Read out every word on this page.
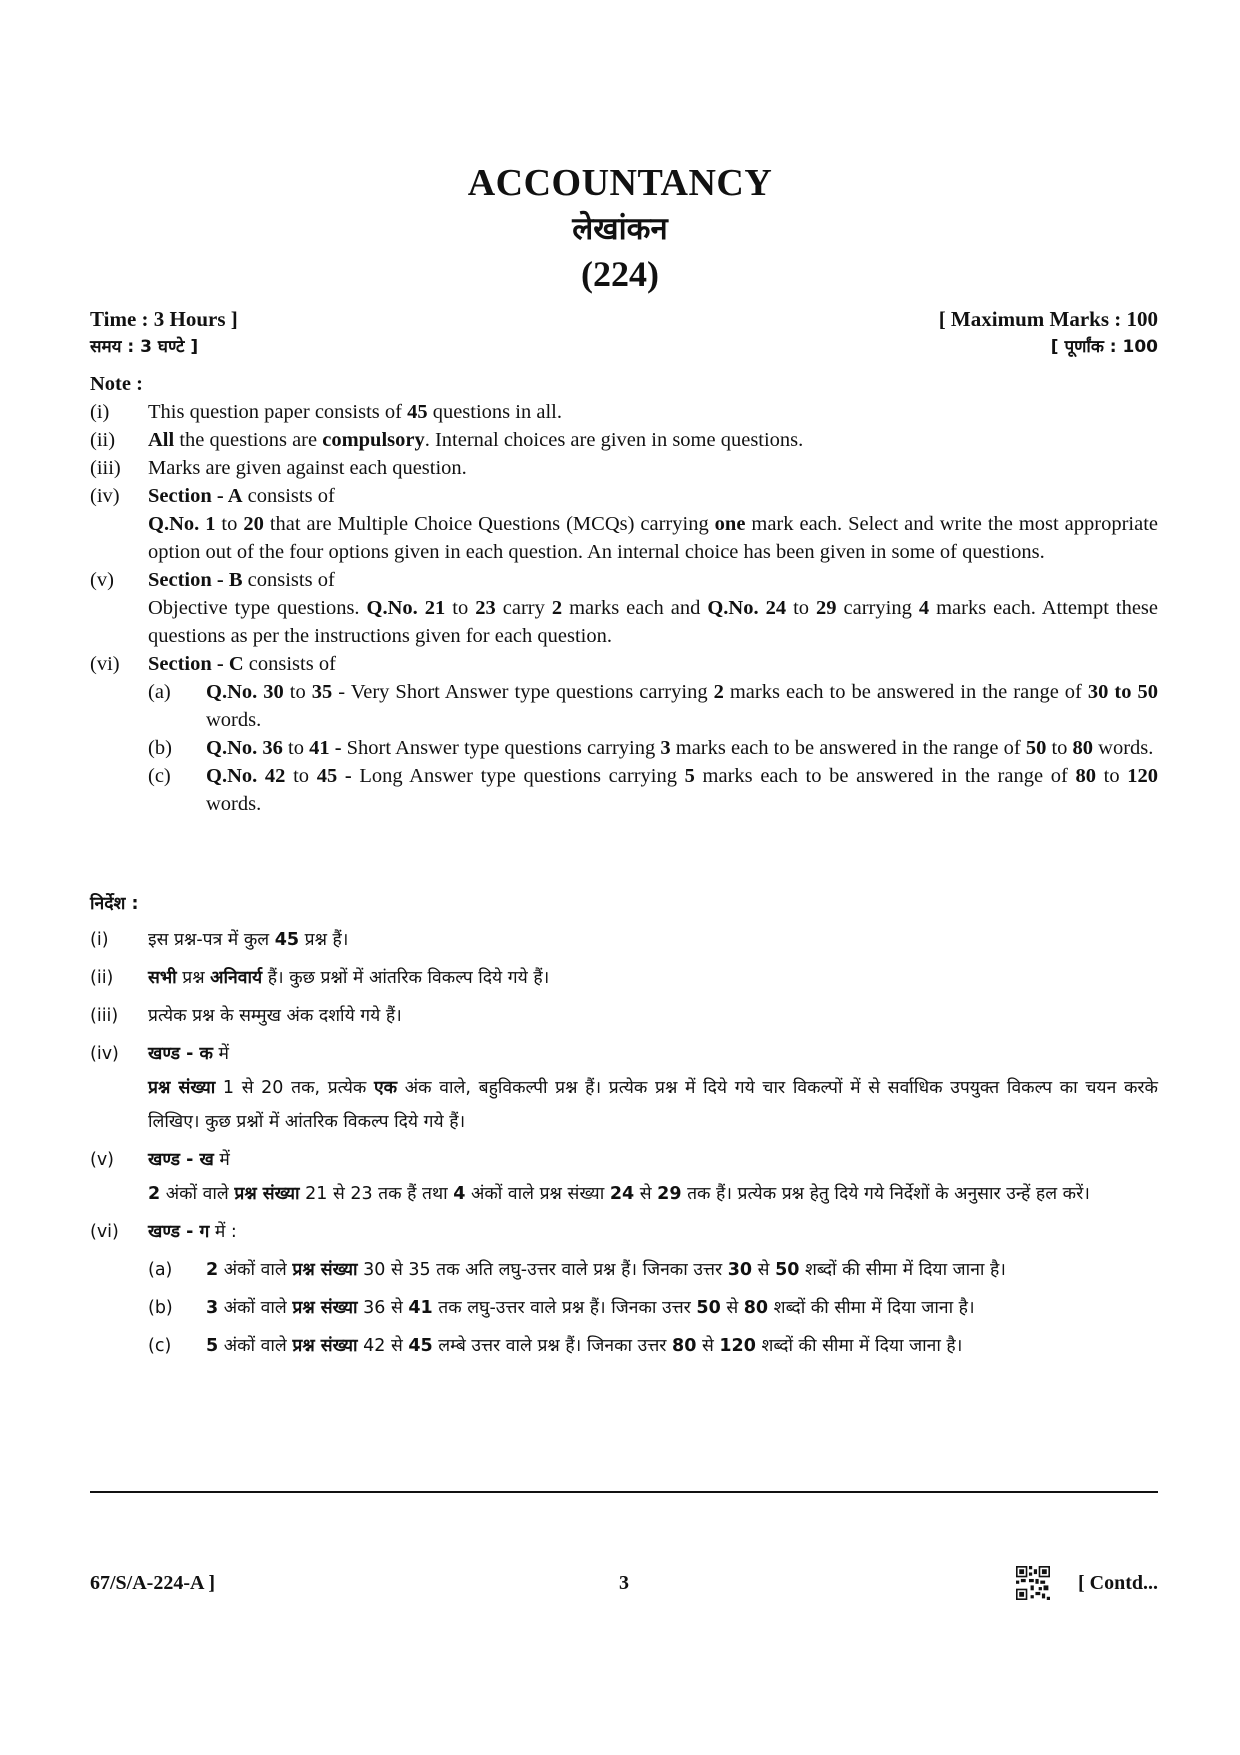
ACCOUNTANCY
लेखांकन
(224)
Time : 3 Hours ]	[ Maximum Marks : 100
समय : 3 घण्टे ]	[ पूर्णांक : 100
Note :
(i)	This question paper consists of 45 questions in all.
(ii)	All the questions are compulsory. Internal choices are given in some questions.
(iii)	Marks are given against each question.
(iv)	Section - A consists of
Q.No. 1 to 20 that are Multiple Choice Questions (MCQs) carrying one mark each. Select and write the most appropriate option out of the four options given in each question. An internal choice has been given in some of questions.
(v)	Section - B consists of
Objective type questions. Q.No. 21 to 23 carry 2 marks each and Q.No. 24 to 29 carrying 4 marks each. Attempt these questions as per the instructions given for each question.
(vi)	Section - C consists of
(a)	Q.No. 30 to 35 - Very Short Answer type questions carrying 2 marks each to be answered in the range of 30 to 50 words.
(b)	Q.No. 36 to 41 - Short Answer type questions carrying 3 marks each to be answered in the range of 50 to 80 words.
(c)	Q.No. 42 to 45 - Long Answer type questions carrying 5 marks each to be answered in the range of 80 to 120 words.
निर्देश :
(i)	इस प्रश्न-पत्र में कुल 45 प्रश्न हैं।
(ii)	सभी प्रश्न अनिवार्य हैं। कुछ प्रश्नों में आंतरिक विकल्प दिये गये हैं।
(iii)	प्रत्येक प्रश्न के सम्मुख अंक दर्शाये गये हैं।
(iv)	खण्ड - क में
प्रश्न संख्या 1 से 20 तक, प्रत्येक एक अंक वाले, बहुविकल्पी प्रश्न हैं। प्रत्येक प्रश्न में दिये गये चार विकल्पों में से सर्वाधिक उपयुक्त विकल्प का चयन करके लिखिए। कुछ प्रश्नों में आंतरिक विकल्प दिये गये हैं।
(v)	खण्ड - ख में
2 अंकों वाले प्रश्न संख्या 21 से 23 तक हैं तथा 4 अंकों वाले प्रश्न संख्या 24 से 29 तक हैं। प्रत्येक प्रश्न हेतु दिये गये निर्देशों के अनुसार उन्हें हल करें।
(vi)	खण्ड - ग में :
(a)	2 अंकों वाले प्रश्न संख्या 30 से 35 तक अति लघु-उत्तर वाले प्रश्न हैं। जिनका उत्तर 30 से 50 शब्दों की सीमा में दिया जाना है।
(b)	3 अंकों वाले प्रश्न संख्या 36 से 41 तक लघु-उत्तर वाले प्रश्न हैं। जिनका उत्तर 50 से 80 शब्दों की सीमा में दिया जाना है।
(c)	5 अंकों वाले प्रश्न संख्या 42 से 45 लम्बे उत्तर वाले प्रश्न हैं। जिनका उत्तर 80 से 120 शब्दों की सीमा में दिया जाना है।
67/S/A-224-A ]	3	[ Contd...
